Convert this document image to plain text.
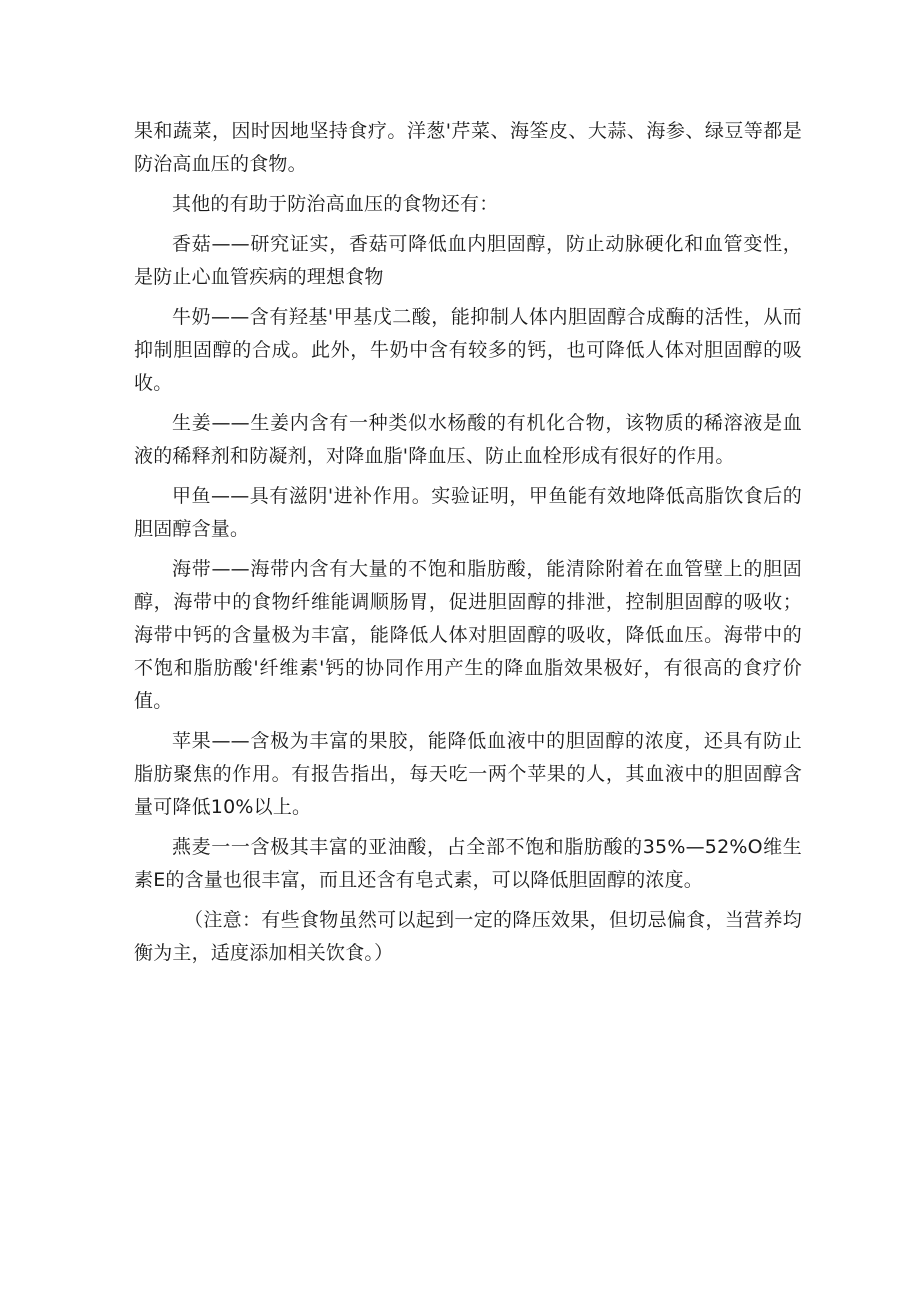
果和蔬菜，因时因地坚持食疗。洋葱'芹菜、海筌皮、大蒜、海参、绿豆等都是防治高血压的食物。

其他的有助于防治高血压的食物还有：

香菇——研究证实，香菇可降低血内胆固醇，防止动脉硬化和血管变性，是防止心血管疾病的理想食物

牛奶——含有羟基'甲基戊二酸，能抑制人体内胆固醇合成酶的活性，从而抑制胆固醇的合成。此外，牛奶中含有较多的钙，也可降低人体对胆固醇的吸收。

生姜——生姜内含有一种类似水杨酸的有机化合物，该物质的稀溶液是血液的稀释剂和防凝剂，对降血脂'降血压、防止血栓形成有很好的作用。

甲鱼——具有滋阴'进补作用。实验证明，甲鱼能有效地降低高脂饮食后的胆固醇含量。

海带——海带内含有大量的不饱和脂肪酸，能清除附着在血管壁上的胆固醇，海带中的食物纤维能调顺肠胃，促进胆固醇的排泄，控制胆固醇的吸收；海带中钙的含量极为丰富，能降低人体对胆固醇的吸收，降低血压。海带中的不饱和脂肪酸'纤维素'钙的协同作用产生的降血脂效果极好，有很高的食疗价值。

苹果——含极为丰富的果胶，能降低血液中的胆固醇的浓度，还具有防止脂肪聚焦的作用。有报告指出，每天吃一两个苹果的人，其血液中的胆固醇含量可降低10%以上。

燕麦一一含极其丰富的亚油酸，占全部不饱和脂肪酸的35%—52%O维生素E的含量也很丰富，而且还含有皂式素，可以降低胆固醇的浓度。

（注意：有些食物虽然可以起到一定的降压效果，但切忌偏食，当营养均衡为主，适度添加相关饮食。）
